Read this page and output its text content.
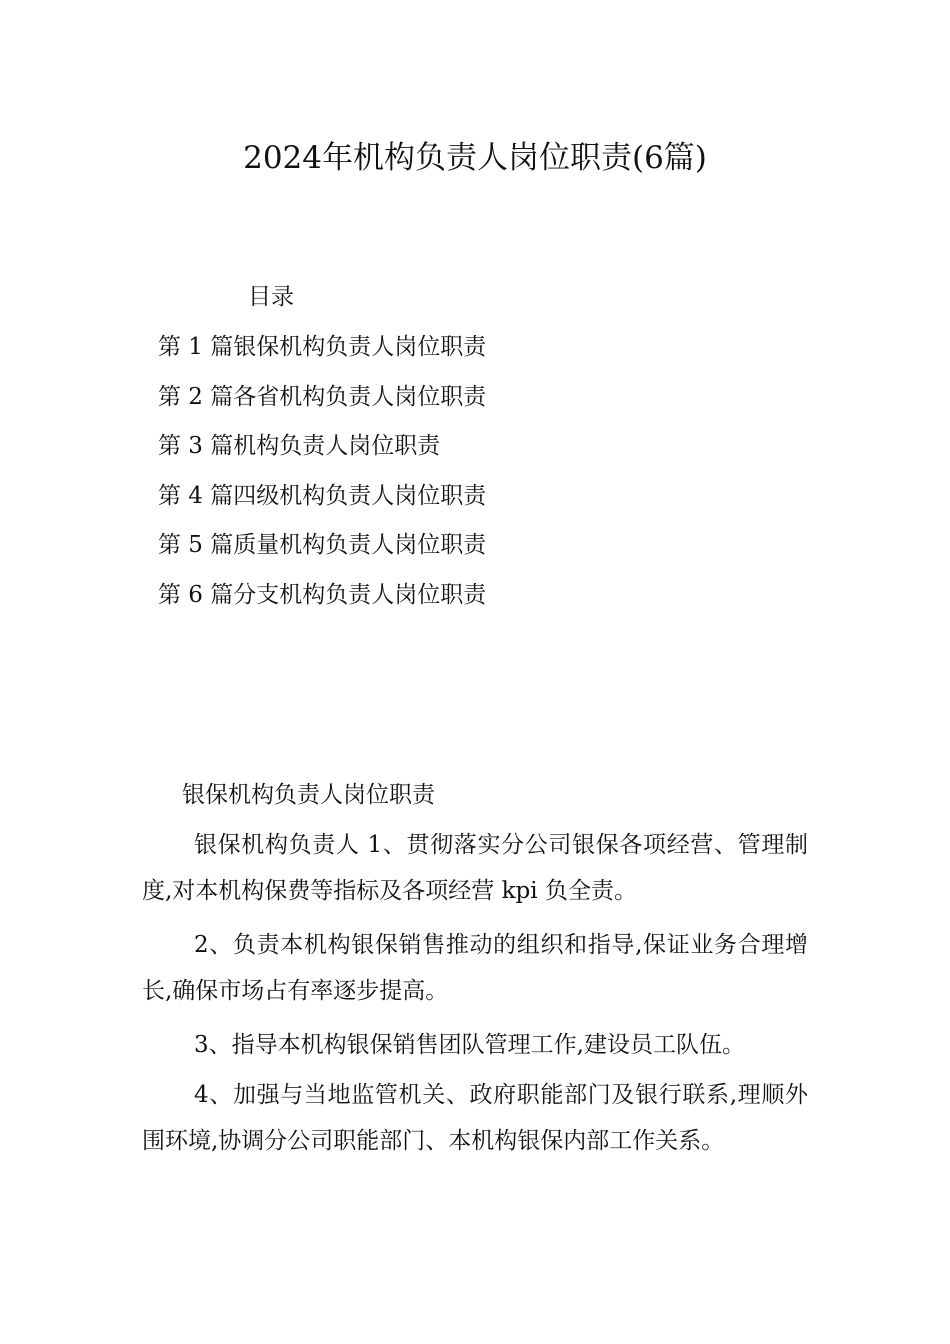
2024年机构负责人岗位职责(6篇)
目录
第 1 篇银保机构负责人岗位职责
第 2 篇各省机构负责人岗位职责
第 3 篇机构负责人岗位职责
第 4 篇四级机构负责人岗位职责
第 5 篇质量机构负责人岗位职责
第 6 篇分支机构负责人岗位职责
银保机构负责人岗位职责

银保机构负责人 1、贯彻落实分公司银保各项经营、管理制度,对本机构保费等指标及各项经营 kpi 负全责。

2、负责本机构银保销售推动的组织和指导,保证业务合理增长,确保市场占有率逐步提高。

3、指导本机构银保销售团队管理工作,建设员工队伍。

4、加强与当地监管机关、政府职能部门及银行联系,理顺外围环境,协调分公司职能部门、本机构银保内部工作关系。
